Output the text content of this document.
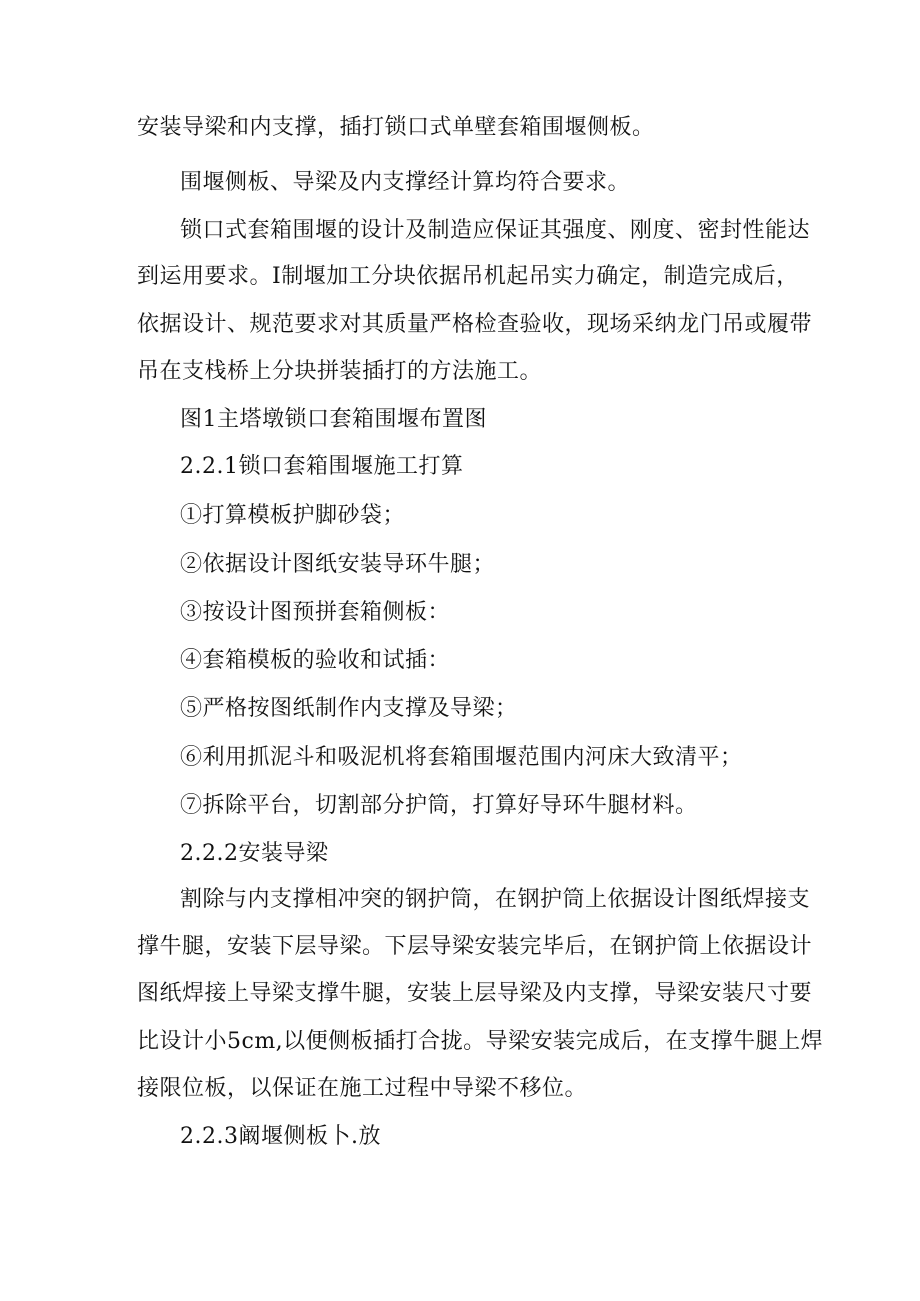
安装导梁和内支撑，插打锁口式单壁套箱围堰侧板。
围堰侧板、导梁及内支撑经计算均符合要求。
锁口式套箱围堰的设计及制造应保证其强度、刚度、密封性能达
到运用要求。I制堰加工分块依据吊机起吊实力确定，制造完成后，
依据设计、规范要求对其质量严格检查验收，现场采纳龙门吊或履带
吊在支栈桥上分块拼装插打的方法施工。
图1主塔墩锁口套箱围堰布置图
2.2.1锁口套箱围堰施工打算
①打算模板护脚砂袋；
②依据设计图纸安装导环牛腿；
③按设计图预拼套箱侧板：
④套箱模板的验收和试插：
⑤严格按图纸制作内支撑及导梁；
⑥利用抓泥斗和吸泥机将套箱围堰范围内河床大致清平；
⑦拆除平台，切割部分护筒，打算好导环牛腿材料。
2.2.2安装导梁
割除与内支撑相冲突的钢护筒，在钢护筒上依据设计图纸焊接支
撑牛腿，安装下层导梁。下层导梁安装完毕后，在钢护筒上依据设计
图纸焊接上导梁支撑牛腿，安装上层导梁及内支撑，导梁安装尺寸要
比设计小5cm,以便侧板插打合拢。导梁安装完成后，在支撑牛腿上焊
接限位板，以保证在施工过程中导梁不移位。
2.2.3阚堰侧板卜.放
